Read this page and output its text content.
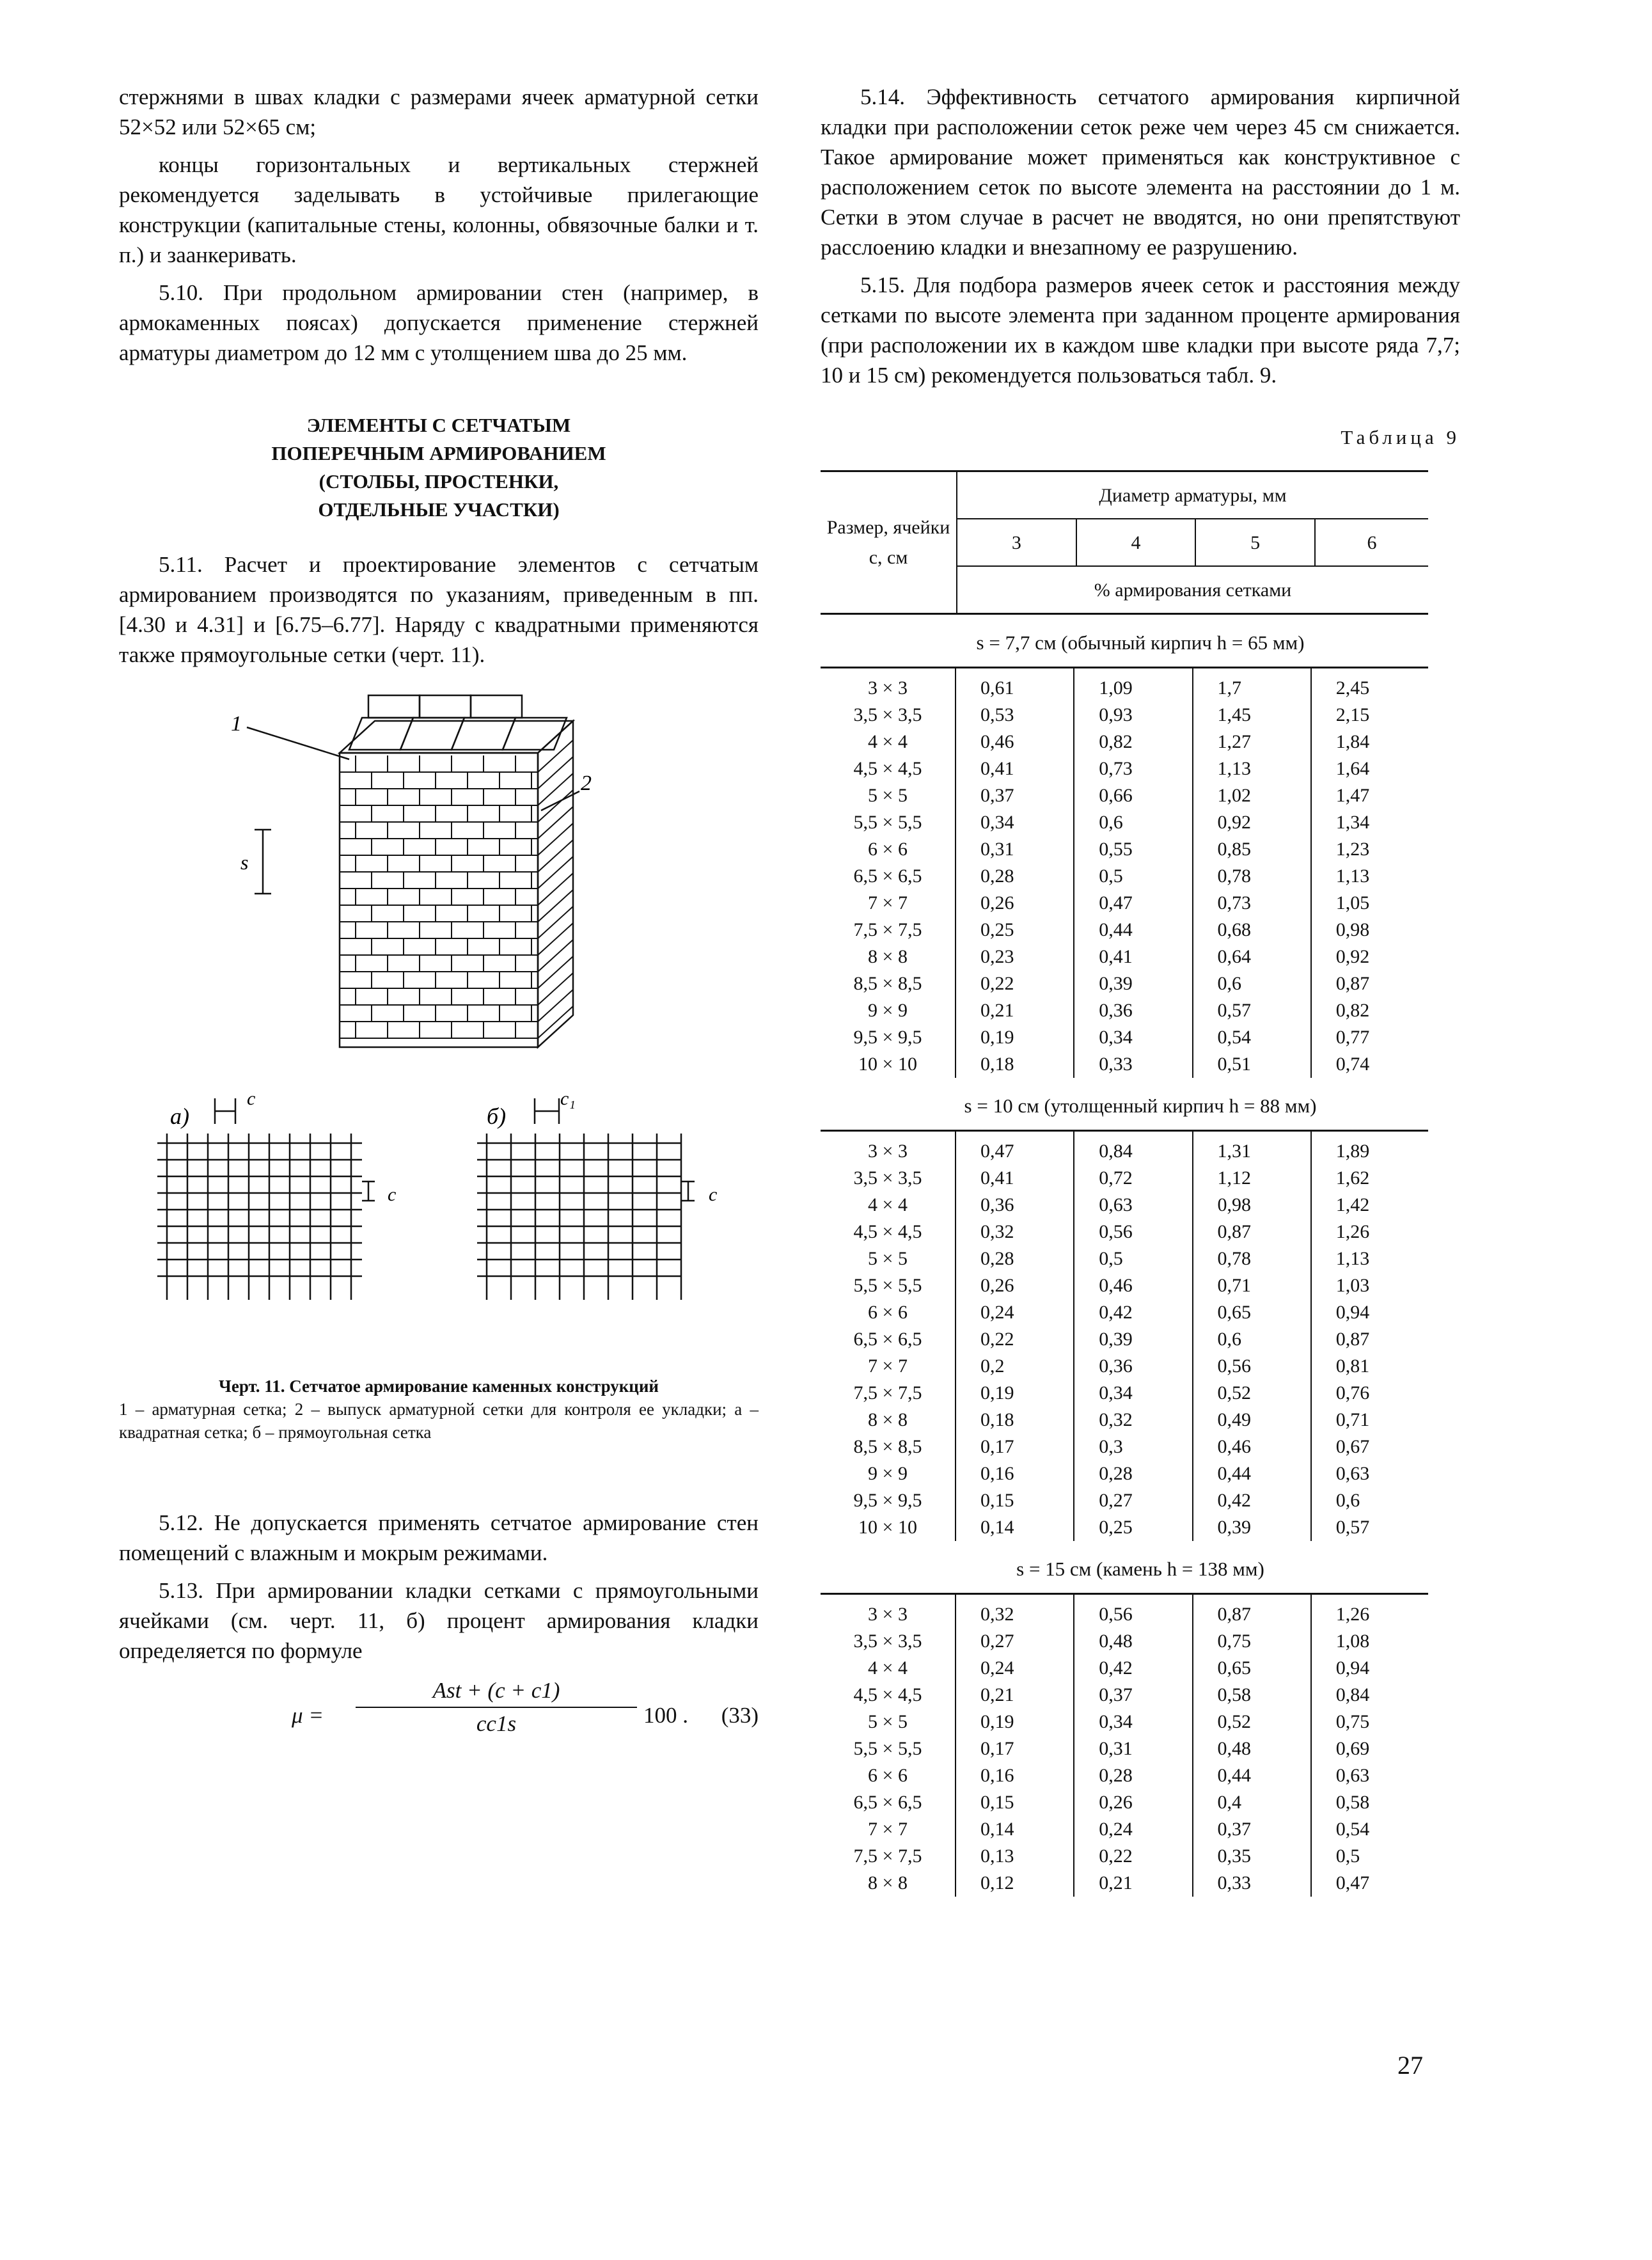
стержнями в швах кладки с размерами ячеек арматурной сетки 52×52 или 52×65 см;

концы горизонтальных и вертикальных стержней рекомендуется заделывать в устойчивые прилегающие конструкции (капитальные стены, колонны, обвязочные балки и т. п.) и заанкеривать.

5.10. При продольном армировании стен (например, в армокаменных поясах) допускается применение стержней арматуры диаметром до 12 мм с утолщением шва до 25 мм.

ЭЛЕМЕНТЫ С СЕТЧАТЫМ
ПОПЕРЕЧНЫМ АРМИРОВАНИЕМ
(СТОЛБЫ, ПРОСТЕНКИ,
ОТДЕЛЬНЫЕ УЧАСТКИ)

5.11. Расчет и проектирование элементов с сетчатым армированием производятся по указаниям, приведенным в пп. [4.30 и 4.31] и [6.75–6.77]. Наряду с квадратными применяются также прямоугольные сетки (черт. 11).

1
2
s
а)
c
c
б)
c₁
c
Черт. 11. Сетчатое армирование каменных конструкций
1 – арматурная сетка; 2 – выпуск арматурной сетки для контроля ее укладки; а – квадратная сетка; б – прямоугольная сетка

5.12. Не допускается применять сетчатое армирование стен помещений с влажным и мокрым режимами.

5.13. При армировании кладки сетками с прямоугольными ячейками (см. черт. 11, б) процент армирования кладки определяется по формуле

μ =
Ast + (c + c1)
cc1s	100 . (33)

5.14. Эффективность сетчатого армирования кирпичной кладки при расположении сеток реже чем через 45 см снижается. Такое армирование может применяться как конструктивное с расположением сеток по высоте элемента на расстоянии до 1 м. Сетки в этом случае в расчет не вводятся, но они препятствуют расслоению кладки и внезапному ее разрушению.

5.15. Для подбора размеров ячеек сеток и расстояния между сетками по высоте элемента при заданном проценте армирования (при расположении их в каждом шве кладки при высоте ряда 7,7; 10 и 15 см) рекомендуется пользоваться табл. 9.

Таблица 9
Размер, ячейки с, см	Диаметр арматуры, мм			
	3	4	5	6
	% армирования сетками			
s = 7,7 см (обычный кирпич h = 65 мм)
3 × 3	0,61	1,09	1,7	2,45
3,5 × 3,5	0,53	0,93	1,45	2,15
4 × 4	0,46	0,82	1,27	1,84
4,5 × 4,5	0,41	0,73	1,13	1,64
5 × 5	0,37	0,66	1,02	1,47
5,5 × 5,5	0,34	0,6	0,92	1,34
6 × 6	0,31	0,55	0,85	1,23
6,5 × 6,5	0,28	0,5	0,78	1,13
7 × 7	0,26	0,47	0,73	1,05
7,5 × 7,5	0,25	0,44	0,68	0,98
8 × 8	0,23	0,41	0,64	0,92
8,5 × 8,5	0,22	0,39	0,6	0,87
9 × 9	0,21	0,36	0,57	0,82
9,5 × 9,5	0,19	0,34	0,54	0,77
10 × 10	0,18	0,33	0,51	0,74
s = 10 см (утолщенный кирпич h = 88 мм)
3 × 3	0,47	0,84	1,31	1,89
3,5 × 3,5	0,41	0,72	1,12	1,62
4 × 4	0,36	0,63	0,98	1,42
4,5 × 4,5	0,32	0,56	0,87	1,26
5 × 5	0,28	0,5	0,78	1,13
5,5 × 5,5	0,26	0,46	0,71	1,03
6 × 6	0,24	0,42	0,65	0,94
6,5 × 6,5	0,22	0,39	0,6	0,87
7 × 7	0,2	0,36	0,56	0,81
7,5 × 7,5	0,19	0,34	0,52	0,76
8 × 8	0,18	0,32	0,49	0,71
8,5 × 8,5	0,17	0,3	0,46	0,67
9 × 9	0,16	0,28	0,44	0,63
9,5 × 9,5	0,15	0,27	0,42	0,6
10 × 10	0,14	0,25	0,39	0,57
s = 15 см (камень h = 138 мм)
3 × 3	0,32	0,56	0,87	1,26
3,5 × 3,5	0,27	0,48	0,75	1,08
4 × 4	0,24	0,42	0,65	0,94
4,5 × 4,5	0,21	0,37	0,58	0,84
5 × 5	0,19	0,34	0,52	0,75
5,5 × 5,5	0,17	0,31	0,48	0,69
6 × 6	0,16	0,28	0,44	0,63
6,5 × 6,5	0,15	0,26	0,4	0,58
7 × 7	0,14	0,24	0,37	0,54
7,5 × 7,5	0,13	0,22	0,35	0,5
8 × 8	0,12	0,21	0,33	0,47
27
